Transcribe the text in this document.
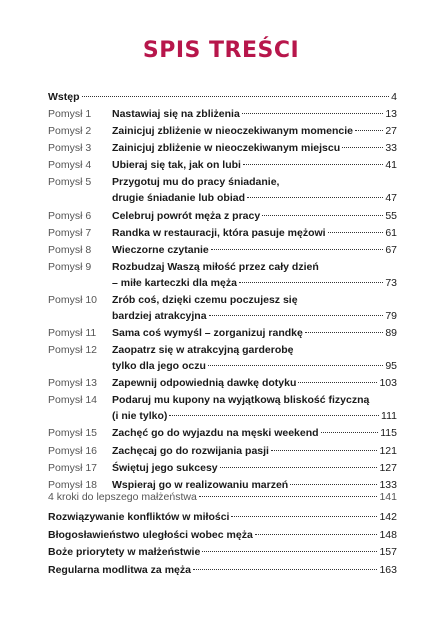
SPIS TREŚCI
Wstęp	4
Pomysł 1 Nastawiaj się na zbliżenia	13
Pomysł 2 Zainicjuj zbliżenie w nieoczekiwanym momencie	27
Pomysł 3 Zainicjuj zbliżenie w nieoczekiwanym miejscu	33
Pomysł 4 Ubieraj się tak, jak on lubi	41
Pomysł 5 Przygotuj mu do pracy śniadanie,
drugie śniadanie lub obiad	47
Pomysł 6 Celebruj powrót męża z pracy	55
Pomysł 7 Randka w restauracji, która pasuje mężowi	61
Pomysł 8 Wieczorne czytanie	67
Pomysł 9 Rozbudzaj Waszą miłość przez cały dzień
– miłe karteczki dla męża	73
Pomysł 10 Zrób coś, dzięki czemu poczujesz się
bardziej atrakcyjna	79
Pomysł 11 Sama coś wymyśl – zorganizuj randkę	89
Pomysł 12 Zaopatrz się w atrakcyjną garderobę
tylko dla jego oczu	95
Pomysł 13 Zapewnij odpowiednią dawkę dotyku	103
Pomysł 14 Podaruj mu kupony na wyjątkową bliskość fizyczną
(i nie tylko)	111
Pomysł 15 Zachęć go do wyjazdu na męski weekend	115
Pomysł 16 Zachęcaj go do rozwijania pasji	121
Pomysł 17 Świętuj jego sukcesy	127
Pomysł 18 Wspieraj go w realizowaniu marzeń	133
4 kroki do lepszego małżeństwa	141
Rozwiązywanie konfliktów w miłości	142
Błogosławieństwo uległości wobec męża	148
Boże priorytety w małżeństwie	157
Regularna modlitwa za męża	163
